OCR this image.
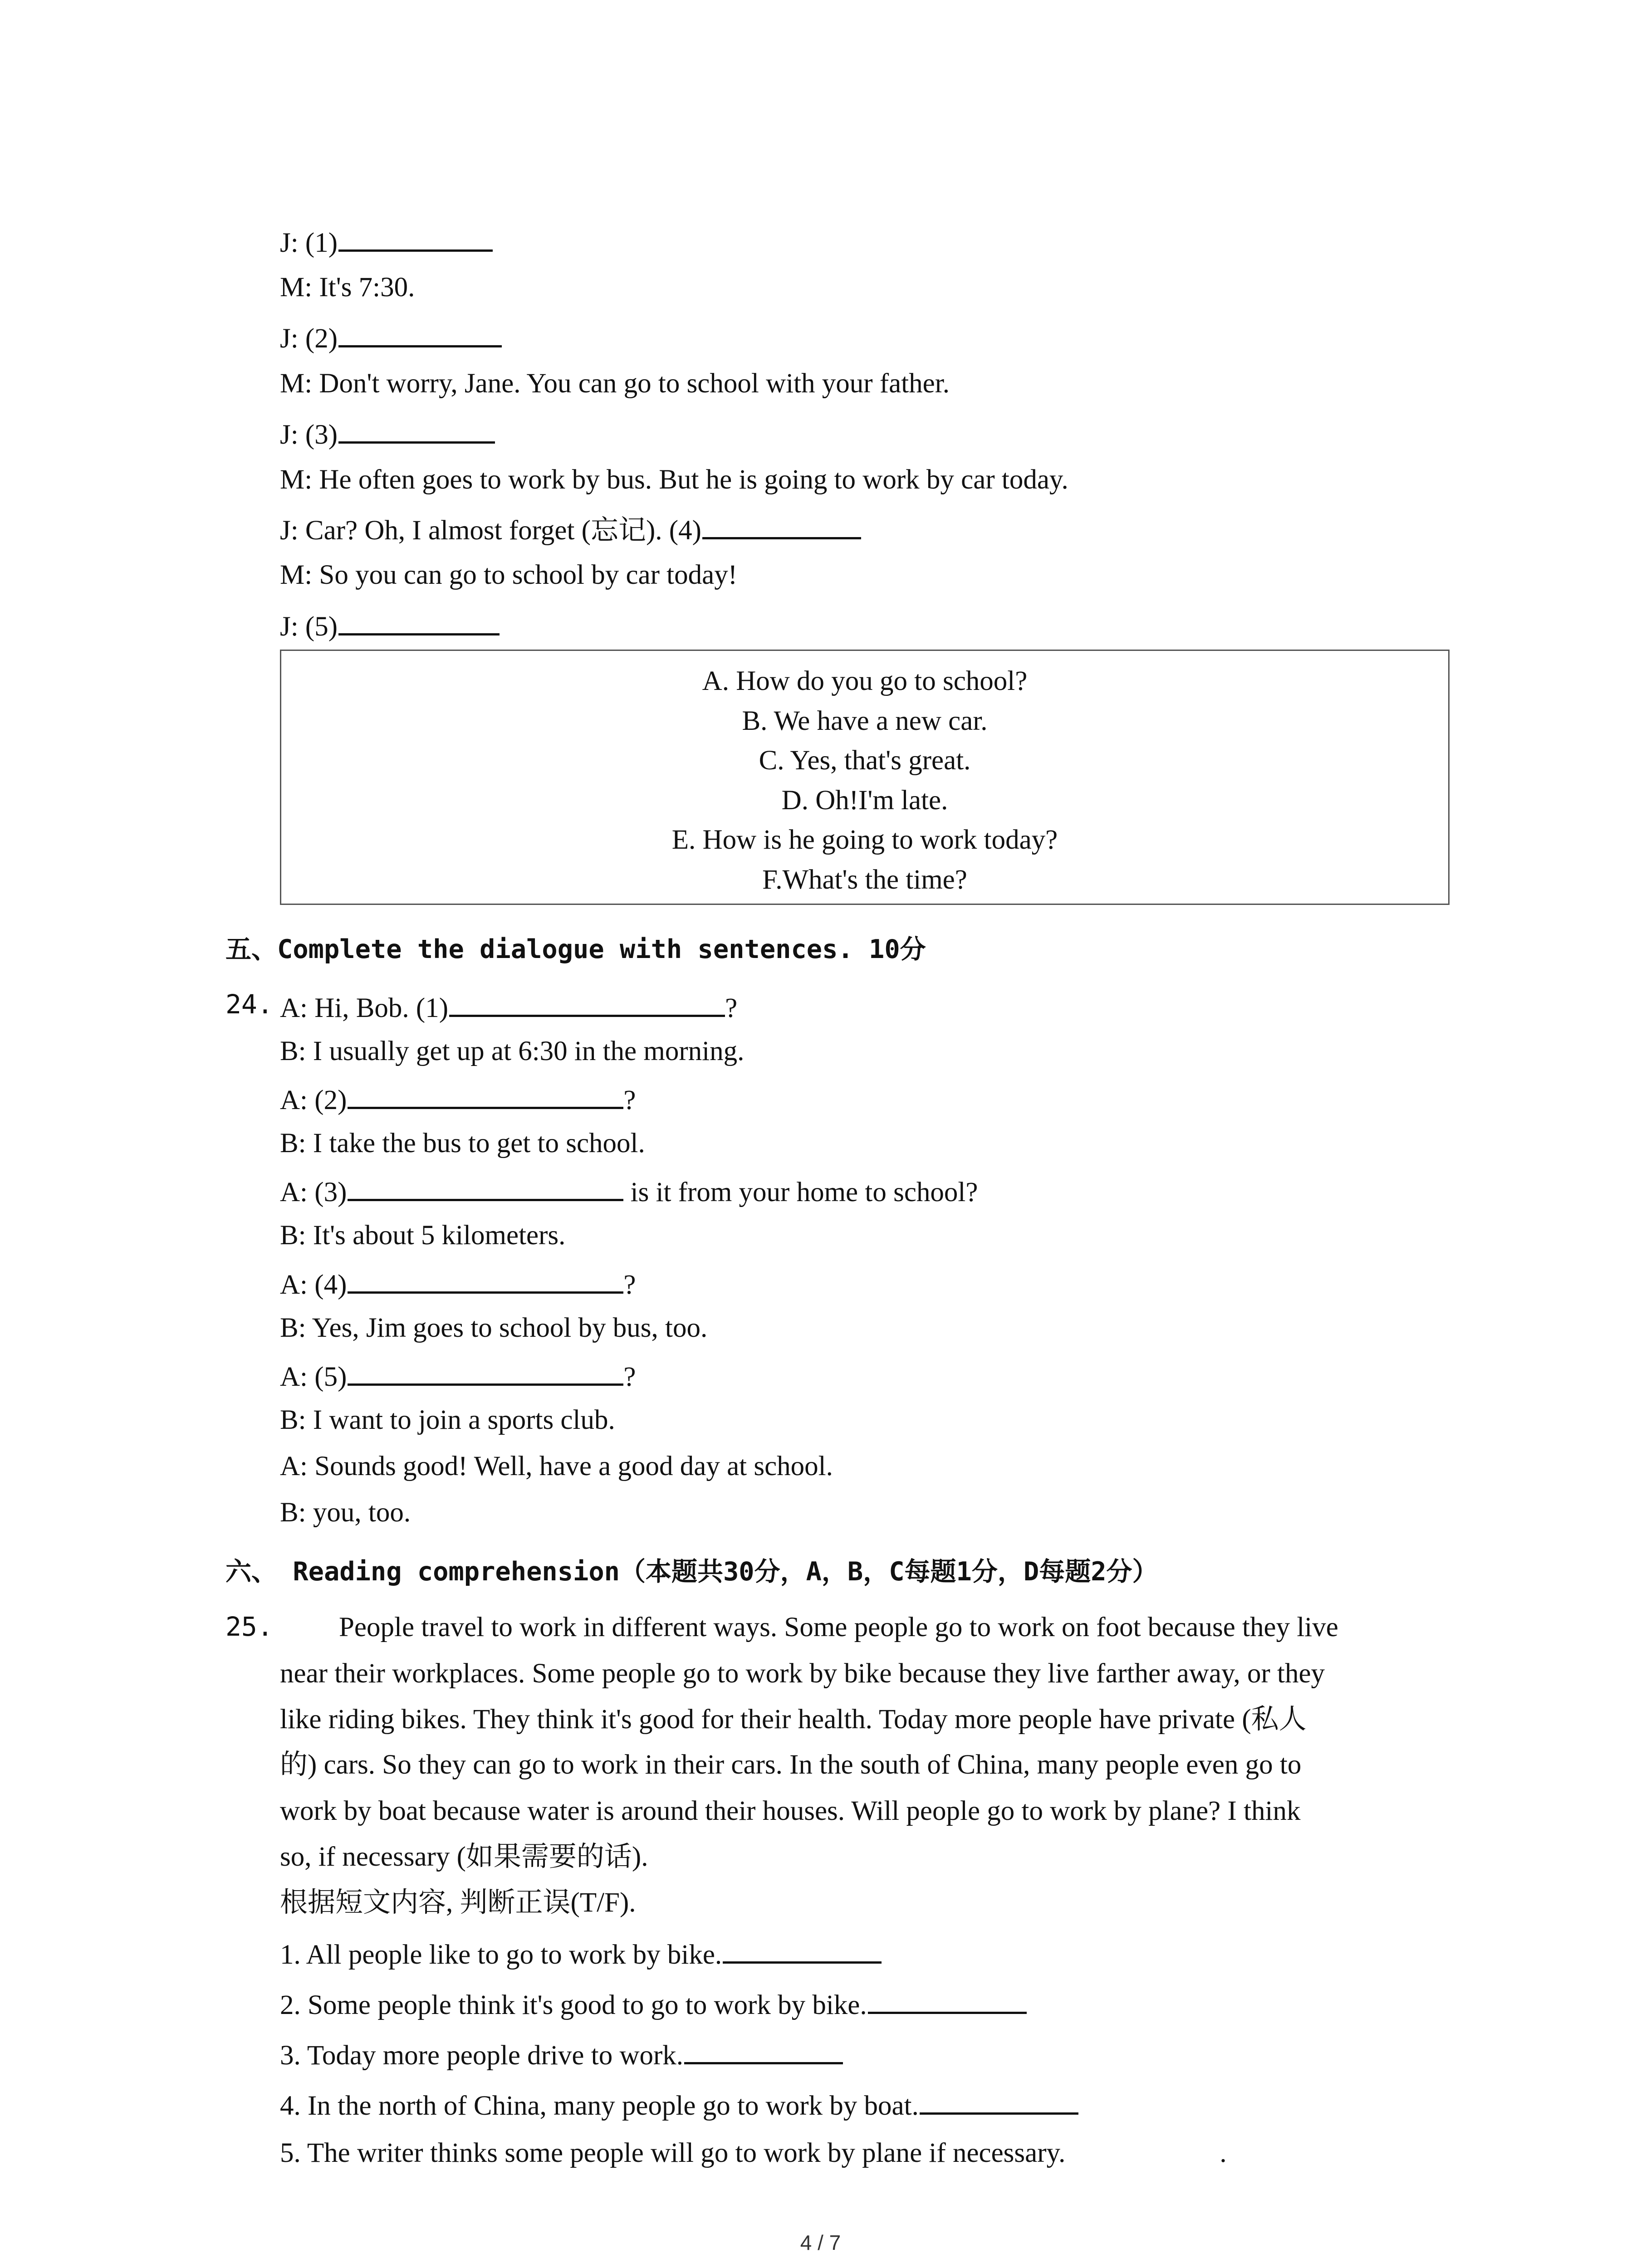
J: (1)
M: It's 7:30.
J: (2)
M: Don't worry, Jane. You can go to school with your father.
J: (3)
M: He often goes to work by bus. But he is going to work by car today.
J: Car? Oh, I almost forget (忘记). (4)
M: So you can go to school by car today!
J: (5)
A. How do you go to school?
B. We have a new car.
C. Yes, that's great.
D. Oh!I'm late.
E. How is he going to work today?
F.What's the time?
五、Complete the dialogue with sentences. 10分
24. A: Hi, Bob. (1)	?
B: I usually get up at 6:30 in the morning.
A: (2)	?
B: I take the bus to get to school.
A: (3)	is it from your home to school?
B: It's about 5 kilometers.
A: (4)	?
B: Yes, Jim goes to school by bus, too.
A: (5)	?
B: I want to join a sports club.
A: Sounds good! Well, have a good day at school.
B: you, too.
六、 Reading comprehension（本题共30分，A，B，C每题1分，D每题2分）
25.	People travel to work in different ways. Some people go to work on foot because they live
near their workplaces. Some people go to work by bike because they live farther away, or they
like riding bikes. They think it's good for their health. Today more people have private (私人
的) cars. So they can go to work in their cars. In the south of China, many people even go to
work by boat because water is around their houses. Will people go to work by plane? I think
so, if necessary (如果需要的话).
根据短文内容, 判断正误(T/F).
1. All people like to go to work by bike.
2. Some people think it's good to go to work by bike.
3. Today more people drive to work.
4. In the north of China, many people go to work by boat.
5. The writer thinks some people will go to work by plane if necessary.	.
4 / 7
